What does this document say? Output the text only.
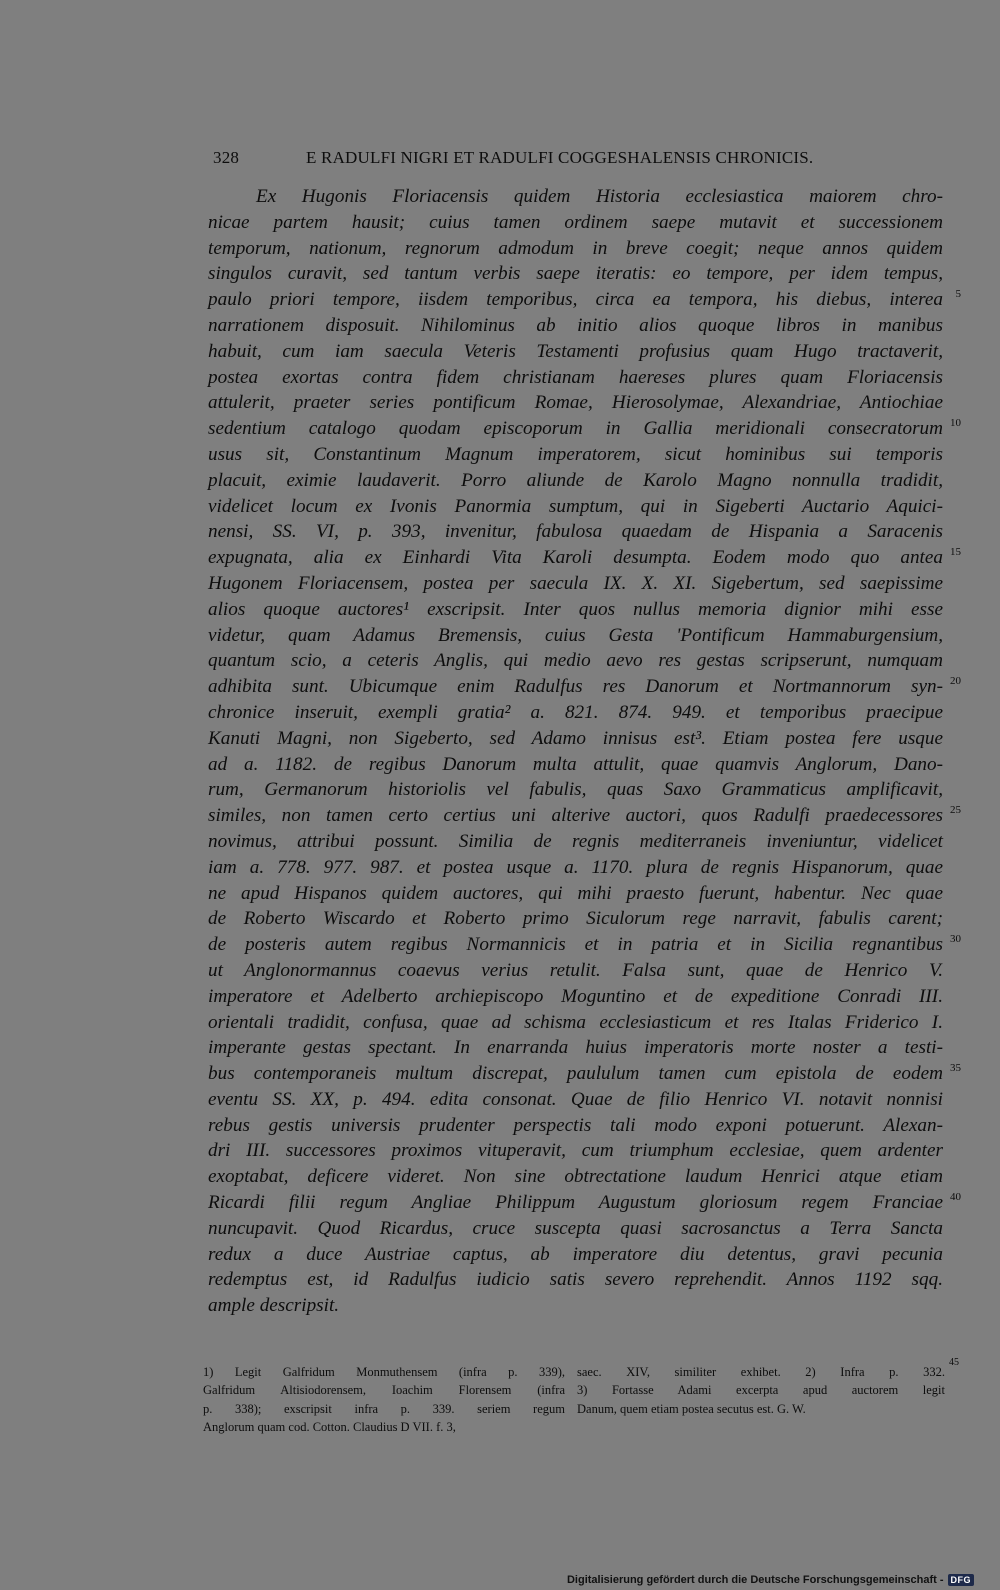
328	E RADULFI NIGRI ET RADULFI COGGESHALENSIS CHRONICIS.
Ex Hugonis Floriacensis quidem Historia ecclesiastica maiorem chro-
nicae partem hausit; cuius tamen ordinem saepe mutavit et successionem
temporum, nationum, regnorum admodum in breve coegit; neque annos quidem
singulos curavit, sed tantum verbis saepe iteratis: eo tempore, per idem tempus,
paulo priori tempore, iisdem temporibus, circa ea tempora, his diebus, interea 5
narrationem disposuit. Nihilominus ab initio alios quoque libros in manibus
habuit, cum iam saecula Veteris Testamenti profusius quam Hugo tractaverit,
postea exortas contra fidem christianam haereses plures quam Floriacensis
attulerit, praeter series pontificum Romae, Hierosolymae, Alexandriae, Antiochiae
sedentium catalogo quodam episcoporum in Gallia meridionali consecratorum 10
usus sit, Constantinum Magnum imperatorem, sicut hominibus sui temporis
placuit, eximie laudaverit. Porro aliunde de Karolo Magno nonnulla tradidit,
videlicet locum ex Ivonis Panormia sumptum, qui in Sigeberti Auctario Aquici-
nensi, SS. VI, p. 393, invenitur, fabulosa quaedam de Hispania a Saracenis
expugnata, alia ex Einhardi Vita Karoli desumpta. Eodem modo quo antea 15
Hugonem Floriacensem, postea per saecula IX. X. XI. Sigebertum, sed saepissime
alios quoque auctores¹ exscripsit. Inter quos nullus memoria dignior mihi esse
videtur, quam Adamus Bremensis, cuius Gesta 'Pontificum Hammaburgensium,
quantum scio, a ceteris Anglis, qui medio aevo res gestas scripserunt, numquam
adhibita sunt. Ubicumque enim Radulfus res Danorum et Nortmannorum syn- 20
chronice inseruit, exempli gratia² a. 821. 874. 949. et temporibus praecipue
Kanuti Magni, non Sigeberto, sed Adamo innisus est³. Etiam postea fere usque
ad a. 1182. de regibus Danorum multa attulit, quae quamvis Anglorum, Dano-
rum, Germanorum historiolis vel fabulis, quas Saxo Grammaticus amplificavit,
similes, non tamen certo certius uni alterive auctori, quos Radulfi praedecessores 25
novimus, attribui possunt. Similia de regnis mediterraneis inveniuntur, videlicet
iam a. 778. 977. 987. et postea usque a. 1170. plura de regnis Hispanorum, quae
ne apud Hispanos quidem auctores, qui mihi praesto fuerunt, habentur. Nec quae
de Roberto Wiscardo et Roberto primo Siculorum rege narravit, fabulis carent;
de posteris autem regibus Normannicis et in patria et in Sicilia regnantibus 30
ut Anglonormannus coaevus verius retulit. Falsa sunt, quae de Henrico V.
imperatore et Adelberto archiepiscopo Moguntino et de expeditione Conradi III.
orientali tradidit, confusa, quae ad schisma ecclesiasticum et res Italas Friderico I.
imperante gestas spectant. In enarranda huius imperatoris morte noster a testi-
bus contemporaneis multum discrepat, paululum tamen cum epistola de eodem 35
eventu SS. XX, p. 494. edita consonat. Quae de filio Henrico VI. notavit nonnisi
rebus gestis universis prudenter perspectis tali modo exponi potuerunt. Alexan-
dri III. successores proximos vituperavit, cum triumphum ecclesiae, quem ardenter
exoptabat, deficere videret. Non sine obtrectatione laudum Henrici atque etiam
Ricardi filii regum Angliae Philippum Augustum gloriosum regem Franciae 40
nuncupavit. Quod Ricardus, cruce suscepta quasi sacrosanctus a Terra Sancta
redux a duce Austriae captus, ab imperatore diu detentus, gravi pecunia
redemptus est, id Radulfus iudicio satis severo reprehendit. Annos 1192 sqq.
ample descripsit.
1) Legit Galfridum Monmuthensem (infra p. 339),
Galfridum Altisiodorensem, Ioachim Florensem (infra
p. 338); exscripsit infra p. 339. seriem regum
Anglorum quam cod. Cotton. Claudius D VII. f. 3,
saec. XIV, similiter exhibet. 2) Infra p. 332.
45
3) Fortasse Adami excerpta apud auctorem legit
Danum, quem etiam postea secutus est. G. W.
Digitalisierung gefördert durch die Deutsche Forschungsgemeinschaft - DFG
